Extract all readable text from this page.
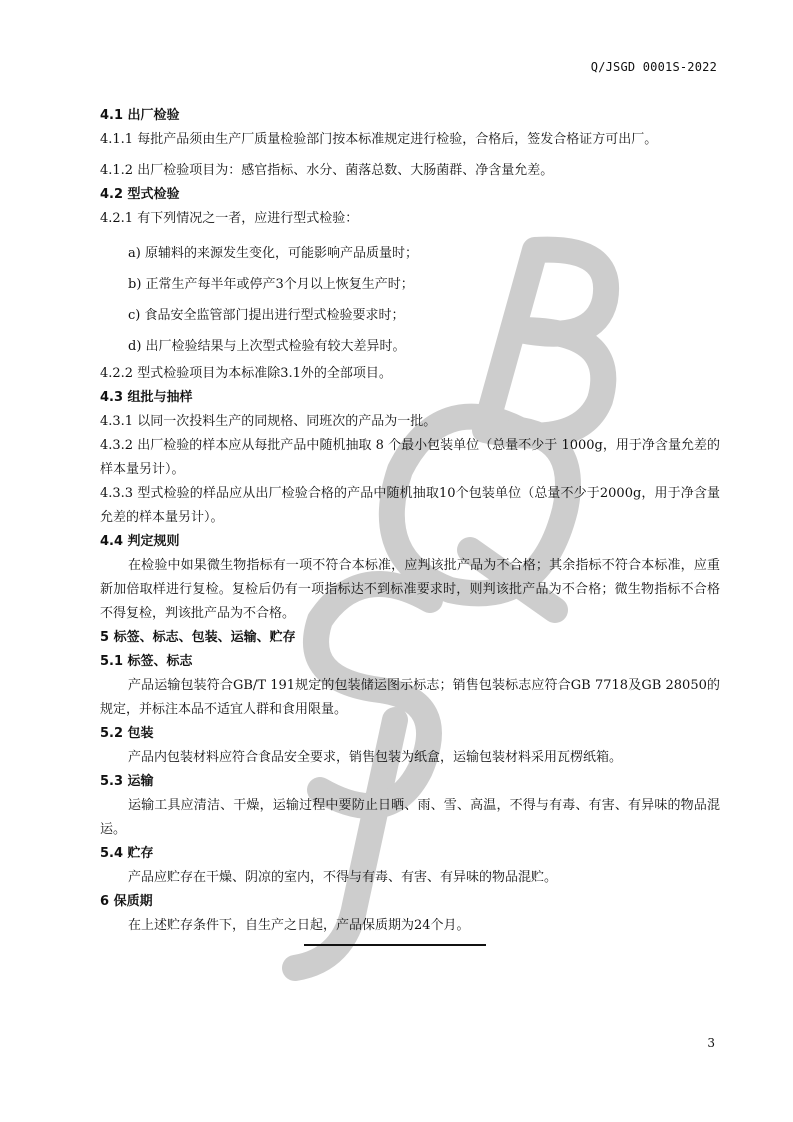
Q/JSGD 0001S-2022
4.1 出厂检验
4.1.1 每批产品须由生产厂质量检验部门按本标准规定进行检验，合格后，签发合格证方可出厂。
4.1.2 出厂检验项目为：感官指标、水分、菌落总数、大肠菌群、净含量允差。
4.2 型式检验
4.2.1 有下列情况之一者，应进行型式检验：
a) 原辅料的来源发生变化，可能影响产品质量时；
b) 正常生产每半年或停产3个月以上恢复生产时；
c) 食品安全监管部门提出进行型式检验要求时；
d) 出厂检验结果与上次型式检验有较大差异时。
4.2.2 型式检验项目为本标准除3.1外的全部项目。
4.3 组批与抽样
4.3.1 以同一次投料生产的同规格、同班次的产品为一批。
4.3.2 出厂检验的样本应从每批产品中随机抽取 8 个最小包装单位（总量不少于 1000g，用于净含量允差的样本量另计）。
4.3.3 型式检验的样品应从出厂检验合格的产品中随机抽取10个包装单位（总量不少于2000g，用于净含量允差的样本量另计）。
4.4 判定规则
在检验中如果微生物指标有一项不符合本标准，应判该批产品为不合格；其余指标不符合本标准，应重新加倍取样进行复检。复检后仍有一项指标达不到标准要求时，则判该批产品为不合格；微生物指标不合格不得复检，判该批产品为不合格。
5 标签、标志、包装、运输、贮存
5.1 标签、标志
产品运输包装符合GB/T 191规定的包装储运图示标志；销售包装标志应符合GB 7718及GB 28050的规定，并标注本品不适宜人群和食用限量。
5.2 包装
产品内包装材料应符合食品安全要求，销售包装为纸盒，运输包装材料采用瓦楞纸箱。
5.3 运输
运输工具应清洁、干燥，运输过程中要防止日晒、雨、雪、高温，不得与有毒、有害、有异味的物品混运。
5.4 贮存
产品应贮存在干燥、阴凉的室内，不得与有毒、有害、有异味的物品混贮。
6 保质期
在上述贮存条件下，自生产之日起，产品保质期为24个月。
3
